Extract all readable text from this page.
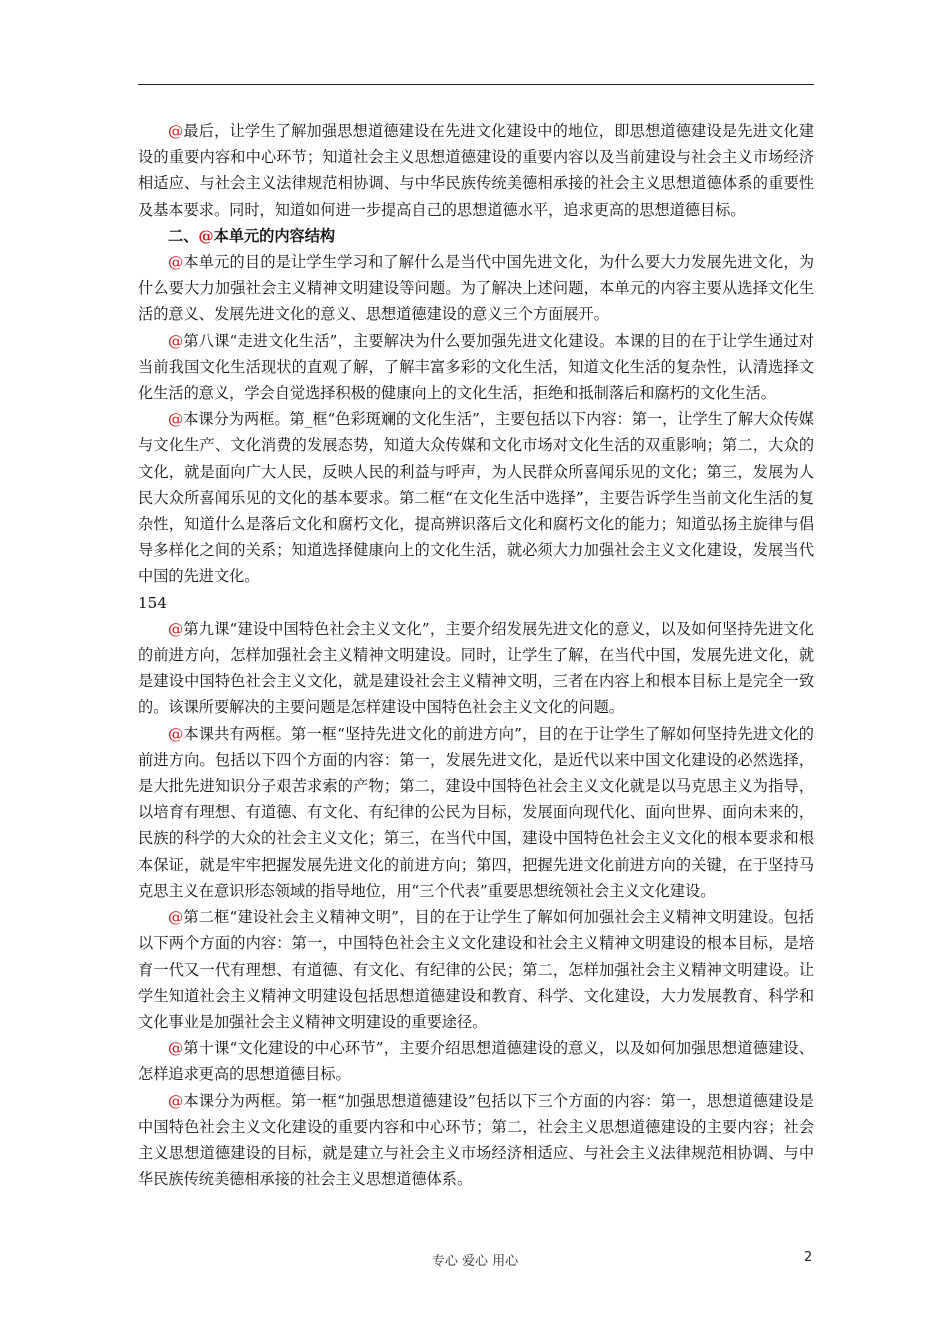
@最后，让学生了解加强思想道德建设在先进文化建设中的地位，即思想道德建设是先进文化建设的重要内容和中心环节；知道社会主义思想道德建设的重要内容以及当前建设与社会主义市场经济相适应、与社会主义法律规范相协调、与中华民族传统美德相承接的社会主义思想道德体系的重要性及基本要求。同时，知道如何进一步提高自己的思想道德水平，追求更高的思想道德目标。

二、@本单元的内容结构

@本单元的目的是让学生学习和了解什么是当代中国先进文化，为什么要大力发展先进文化，为什么要大力加强社会主义精神文明建设等问题。为了解决上述问题，本单元的内容主要从选择文化生活的意义、发展先进文化的意义、思想道德建设的意义三个方面展开。

@第八课“走进文化生活”，主要解决为什么要加强先进文化建设。本课的目的在于让学生通过对当前我国文化生活现状的直观了解，了解丰富多彩的文化生活，知道文化生活的复杂性，认清选择文化生活的意义，学会自觉选择积极的健康向上的文化生活，拒绝和抵制落后和腐朽的文化生活。

@本课分为两框。第_框“色彩斑斓的文化生活”，主要包括以下内容：第一，让学生了解大众传媒与文化生产、文化消费的发展态势，知道大众传媒和文化市场对文化生活的双重影响；第二，大众的文化，就是面向广大人民，反映人民的利益与呼声，为人民群众所喜闻乐见的文化；第三，发展为人民大众所喜闻乐见的文化的基本要求。第二框“在文化生活中选择”，主要告诉学生当前文化生活的复杂性，知道什么是落后文化和腐朽文化，提高辨识落后文化和腐朽文化的能力；知道弘扬主旋律与倡导多样化之间的关系；知道选择健康向上的文化生活，就必须大力加强社会主义文化建设，发展当代中国的先进文化。

154

@第九课“建设中国特色社会主义文化”，主要介绍发展先进文化的意义，以及如何坚持先进文化的前进方向，怎样加强社会主义精神文明建设。同时，让学生了解，在当代中国，发展先进文化，就是建设中国特色社会主义文化，就是建设社会主义精神文明，三者在内容上和根本目标上是完全一致的。该课所要解决的主要问题是怎样建设中国特色社会主义文化的问题。

@本课共有两框。第一框“坚持先进文化的前进方向”，目的在于让学生了解如何坚持先进文化的前进方向。包括以下四个方面的内容：第一，发展先进文化，是近代以来中国文化建设的必然选择，是大批先进知识分子艰苦求索的产物；第二，建设中国特色社会主义文化就是以马克思主义为指导，以培育有理想、有道德、有文化、有纪律的公民为目标，发展面向现代化、面向世界、面向未来的，民族的科学的大众的社会主义文化；第三，在当代中国，建设中国特色社会主义文化的根本要求和根本保证，就是牢牢把握发展先进文化的前进方向；第四，把握先进文化前进方向的关键，在于坚持马克思主义在意识形态领域的指导地位，用“三个代表”重要思想统领社会主义文化建设。

@第二框“建设社会主义精神文明”，目的在于让学生了解如何加强社会主义精神文明建设。包括以下两个方面的内容：第一，中国特色社会主义文化建设和社会主义精神文明建设的根本目标，是培育一代又一代有理想、有道德、有文化、有纪律的公民；第二，怎样加强社会主义精神文明建设。让学生知道社会主义精神文明建设包括思想道德建设和教育、科学、文化建设，大力发展教育、科学和文化事业是加强社会主义精神文明建设的重要途径。

@第十课“文化建设的中心环节”，主要介绍思想道德建设的意义，以及如何加强思想道德建设、怎样追求更高的思想道德目标。

@本课分为两框。第一框“加强思想道德建设”包括以下三个方面的内容：第一，思想道德建设是中国特色社会主义文化建设的重要内容和中心环节；第二，社会主义思想道德建设的主要内容；社会主义思想道德建设的目标，就是建立与社会主义市场经济相适应、与社会主义法律规范相协调、与中华民族传统美德相承接的社会主义思想道德体系。

专心 爱心 用心	2
